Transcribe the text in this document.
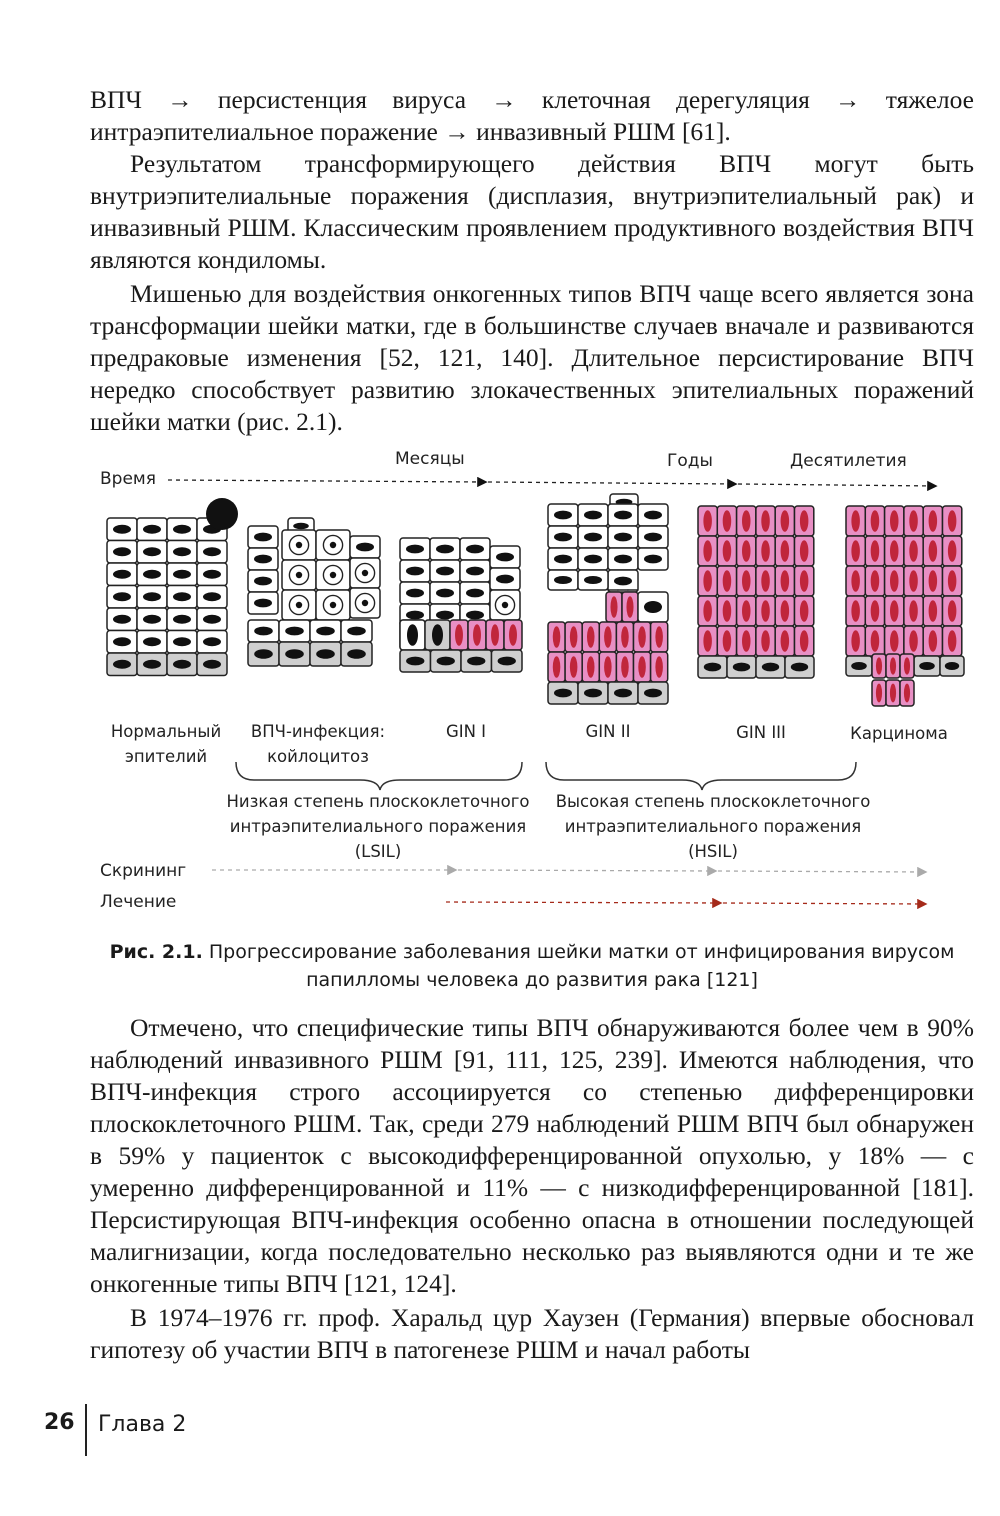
ВПЧ → персистенция вируса → клеточная дерегуляция → тяжелое интраэпителиальное поражение → инвазивный РШМ [61].

Результатом трансформирующего действия ВПЧ могут быть внутриэпителиальные поражения (дисплазия, внутриэпителиальный рак) и инвазивный РШМ. Классическим проявлением продуктивного воздействия ВПЧ являются кондиломы.

Мишенью для воздействия онкогенных типов ВПЧ чаще всего является зона трансформации шейки матки, где в большинстве случаев вначале и развиваются предраковые изменения [52, 121, 140]. Длительное персистирование ВПЧ нередко способствует развитию злокачественных эпителиальных поражений шейки матки (рис. 2.1).

Время
Месяцы	Годы	Десятилетия
Нормальный
эпителий
ВПЧ-инфекция:
койлоцитоз
GIN I	GIN II	GIN III	Карцинома
Низкая степень плоскоклеточного
интраэпителиального поражения
(LSIL)
Высокая степень плоскоклеточного
интраэпителиального поражения
(HSIL)
Скрининг
Лечение
Рис. 2.1. Прогрессирование заболевания шейки матки от инфицирования вирусом папилломы человека до развития рака [121]

Отмечено, что специфические типы ВПЧ обнаруживаются более чем в 90% наблюдений инвазивного РШМ [91, 111, 125, 239]. Имеются наблюдения, что ВПЧ-инфекция строго ассоциируется со степенью дифференцировки плоскоклеточного РШМ. Так, среди 279 наблюдений РШМ ВПЧ был обнаружен в 59% у пациенток с высокодифференцированной опухолью, у 18% — с умеренно дифференцированной и 11% — с низкодифференцированной [181]. Персистирующая ВПЧ-инфекция особенно опасна в отношении последующей малигнизации, когда последовательно несколько раз выявляются одни и те же онкогенные типы ВПЧ [121, 124].

В 1974–1976 гг. проф. Харальд цур Хаузен (Германия) впервые обосновал гипотезу об участии ВПЧ в патогенезе РШМ и начал работы

26 Глава 2
